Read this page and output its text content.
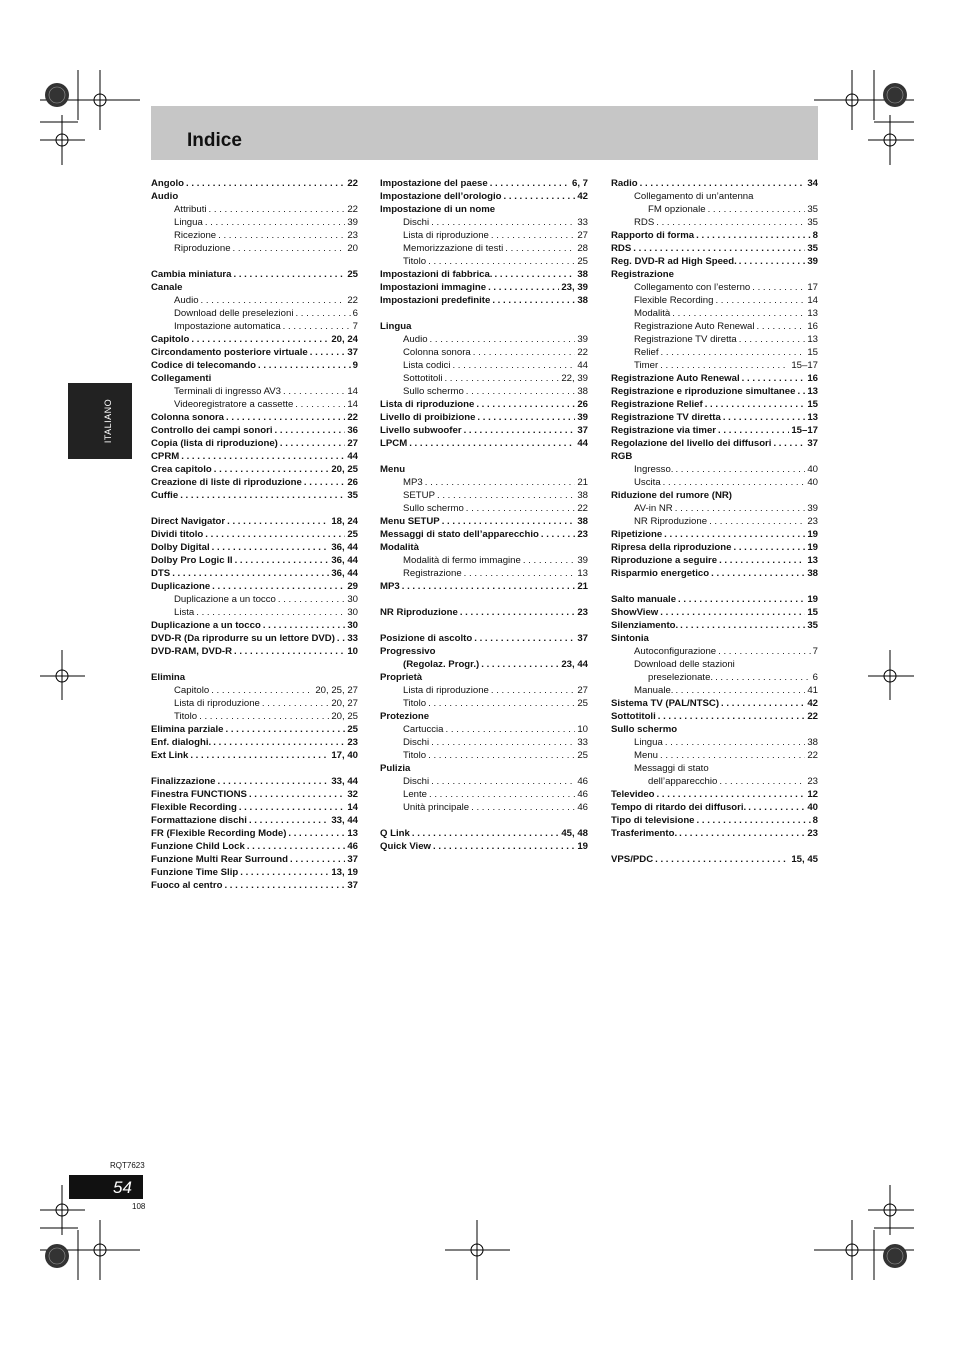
Indice
ITALIANO
Angolo . . .	22
Audio
Attributi . . .	22
Lingua . . .	39
Ricezione . . .	23
Riproduzione . . .	20
Cambia miniatura . . .	25
Canale
Audio . . .	22
Download delle preselezioni . . .	6
Impostazione automatica . . .	7
Capitolo . . .	20, 24
Circondamento posteriore virtuale . . .	37
Codice di telecomando . . .	9
Collegamenti
Terminali di ingresso AV3 . . .	14
Videoregistratore a cassette . . .	14
Colonna sonora . . .	22
Controllo dei campi sonori . . .	36
Copia (lista di riproduzione) . . .	27
CPRM . . .	44
Crea capitolo . . .	20, 25
Creazione di liste di riproduzione . . .	26
Cuffie . . .	35
Direct Navigator . . .	18, 24
Dividi titolo . . .	25
Dolby Digital . . .	36, 44
Dolby Pro Logic II . . .	36, 44
DTS . . .	36, 44
Duplicazione . . .	29
Duplicazione a un tocco . . .	30
Lista . . .	30
Duplicazione a un tocco . . .	30
DVD-R (Da riprodurre su un lettore DVD) . . . 33
DVD-RAM, DVD-R . . .	10
Elimina
Capitolo . . .	20, 25, 27
Lista di riproduzione . . .	20, 27
Titolo . . .	20, 25
Elimina parziale . . .	25
Enf. dialoghi. . . .	23
Ext Link . . .	17, 40
Finalizzazione . . .	33, 44
Finestra FUNCTIONS . . .	32
Flexible Recording . . .	14
Formattazione dischi . . .	33, 44
FR (Flexible Recording Mode) . . .	13
Funzione Child Lock . . .	46
Funzione Multi Rear Surround . . .	37
Funzione Time Slip . . .	13, 19
Fuoco al centro . . .	37
Impostazione del paese . . .	6, 7
Impostazione dell’orologio . . .	42
Impostazione di un nome
Dischi . . .	33
Lista di riproduzione . . .	27
Memorizzazione di testi . . .	28
Titolo . . .	25
Impostazioni di fabbrica. . . .	38
Impostazioni immagine . . .	23, 39
Impostazioni predefinite . . .	38
Lingua
Audio . . .	39
Colonna sonora . . .	22
Lista codici . . .	44
Sottotitoli . . .	22, 39
Sullo schermo . . .	38
Lista di riproduzione . . .	26
Livello di proibizione . . .	39
Livello subwoofer . . .	37
LPCM . . .	44
Menu
MP3 . . .	21
SETUP . . .	38
Sullo schermo . . .	22
Menu SETUP . . .	38
Messaggi di stato dell’apparecchio . . .	23
Modalità
Modalità di fermo immagine . . .	39
Registrazione . . .	13
MP3 . . .	21
NR Riproduzione . . .	23
Posizione di ascolto . . .	37
Progressivo
(Regolaz. Progr.) . . .	23, 44
Proprietà
Lista di riproduzione . . .	27
Titolo . . .	25
Protezione
Cartuccia . . .	10
Dischi . . .	33
Titolo . . .	25
Pulizia
Dischi . . .	46
Lente . . .	46
Unità principale . . .	46
Q Link . . .	45, 48
Quick View . . .	19
Radio . . .	34
Collegamento di un’antenna
FM opzionale . . .	35
RDS . . .	35
Rapporto di forma . . .	8
RDS . . .	35
Reg. DVD-R ad High Speed. . . .	39
Registrazione
Collegamento con l’esterno . . .	17
Flexible Recording . . .	14
Modalità . . .	13
Registrazione Auto Renewal . . .	16
Registrazione TV diretta . . .	13
Relief . . .	15
Timer . . .	15–17
Registrazione Auto Renewal . . .	16
Registrazione e riproduzione simultanee . . . 13
Registrazione Relief . . .	15
Registrazione TV diretta . . .	13
Registrazione via timer . . .	15–17
Regolazione del livello dei diffusori . . .	37
RGB
Ingresso. . . .	40
Uscita . . .	40
Riduzione del rumore (NR)
AV-in NR . . .	39
NR Riproduzione . . .	23
Ripetizione . . .	19
Ripresa della riproduzione . . .	19
Riproduzione a seguire . . .	13
Risparmio energetico . . .	38
Salto manuale . . .	19
ShowView . . .	15
Silenziamento. . . .	35
Sintonia
Autoconfigurazione . . .	7
Download delle stazioni
preselezionate. . . .	6
Manuale. . . .	41
Sistema TV (PAL/NTSC) . . .	42
Sottotitoli . . .	22
Sullo schermo
Lingua . . .	38
Menu . . .	22
Messaggi di stato
dell’apparecchio . . .	23
Televideo . . .	12
Tempo di ritardo dei diffusori. . . .	40
Tipo di televisione . . .	8
Trasferimento. . . .	23
VPS/PDC . . .	15, 45
RQT7623
54
108
